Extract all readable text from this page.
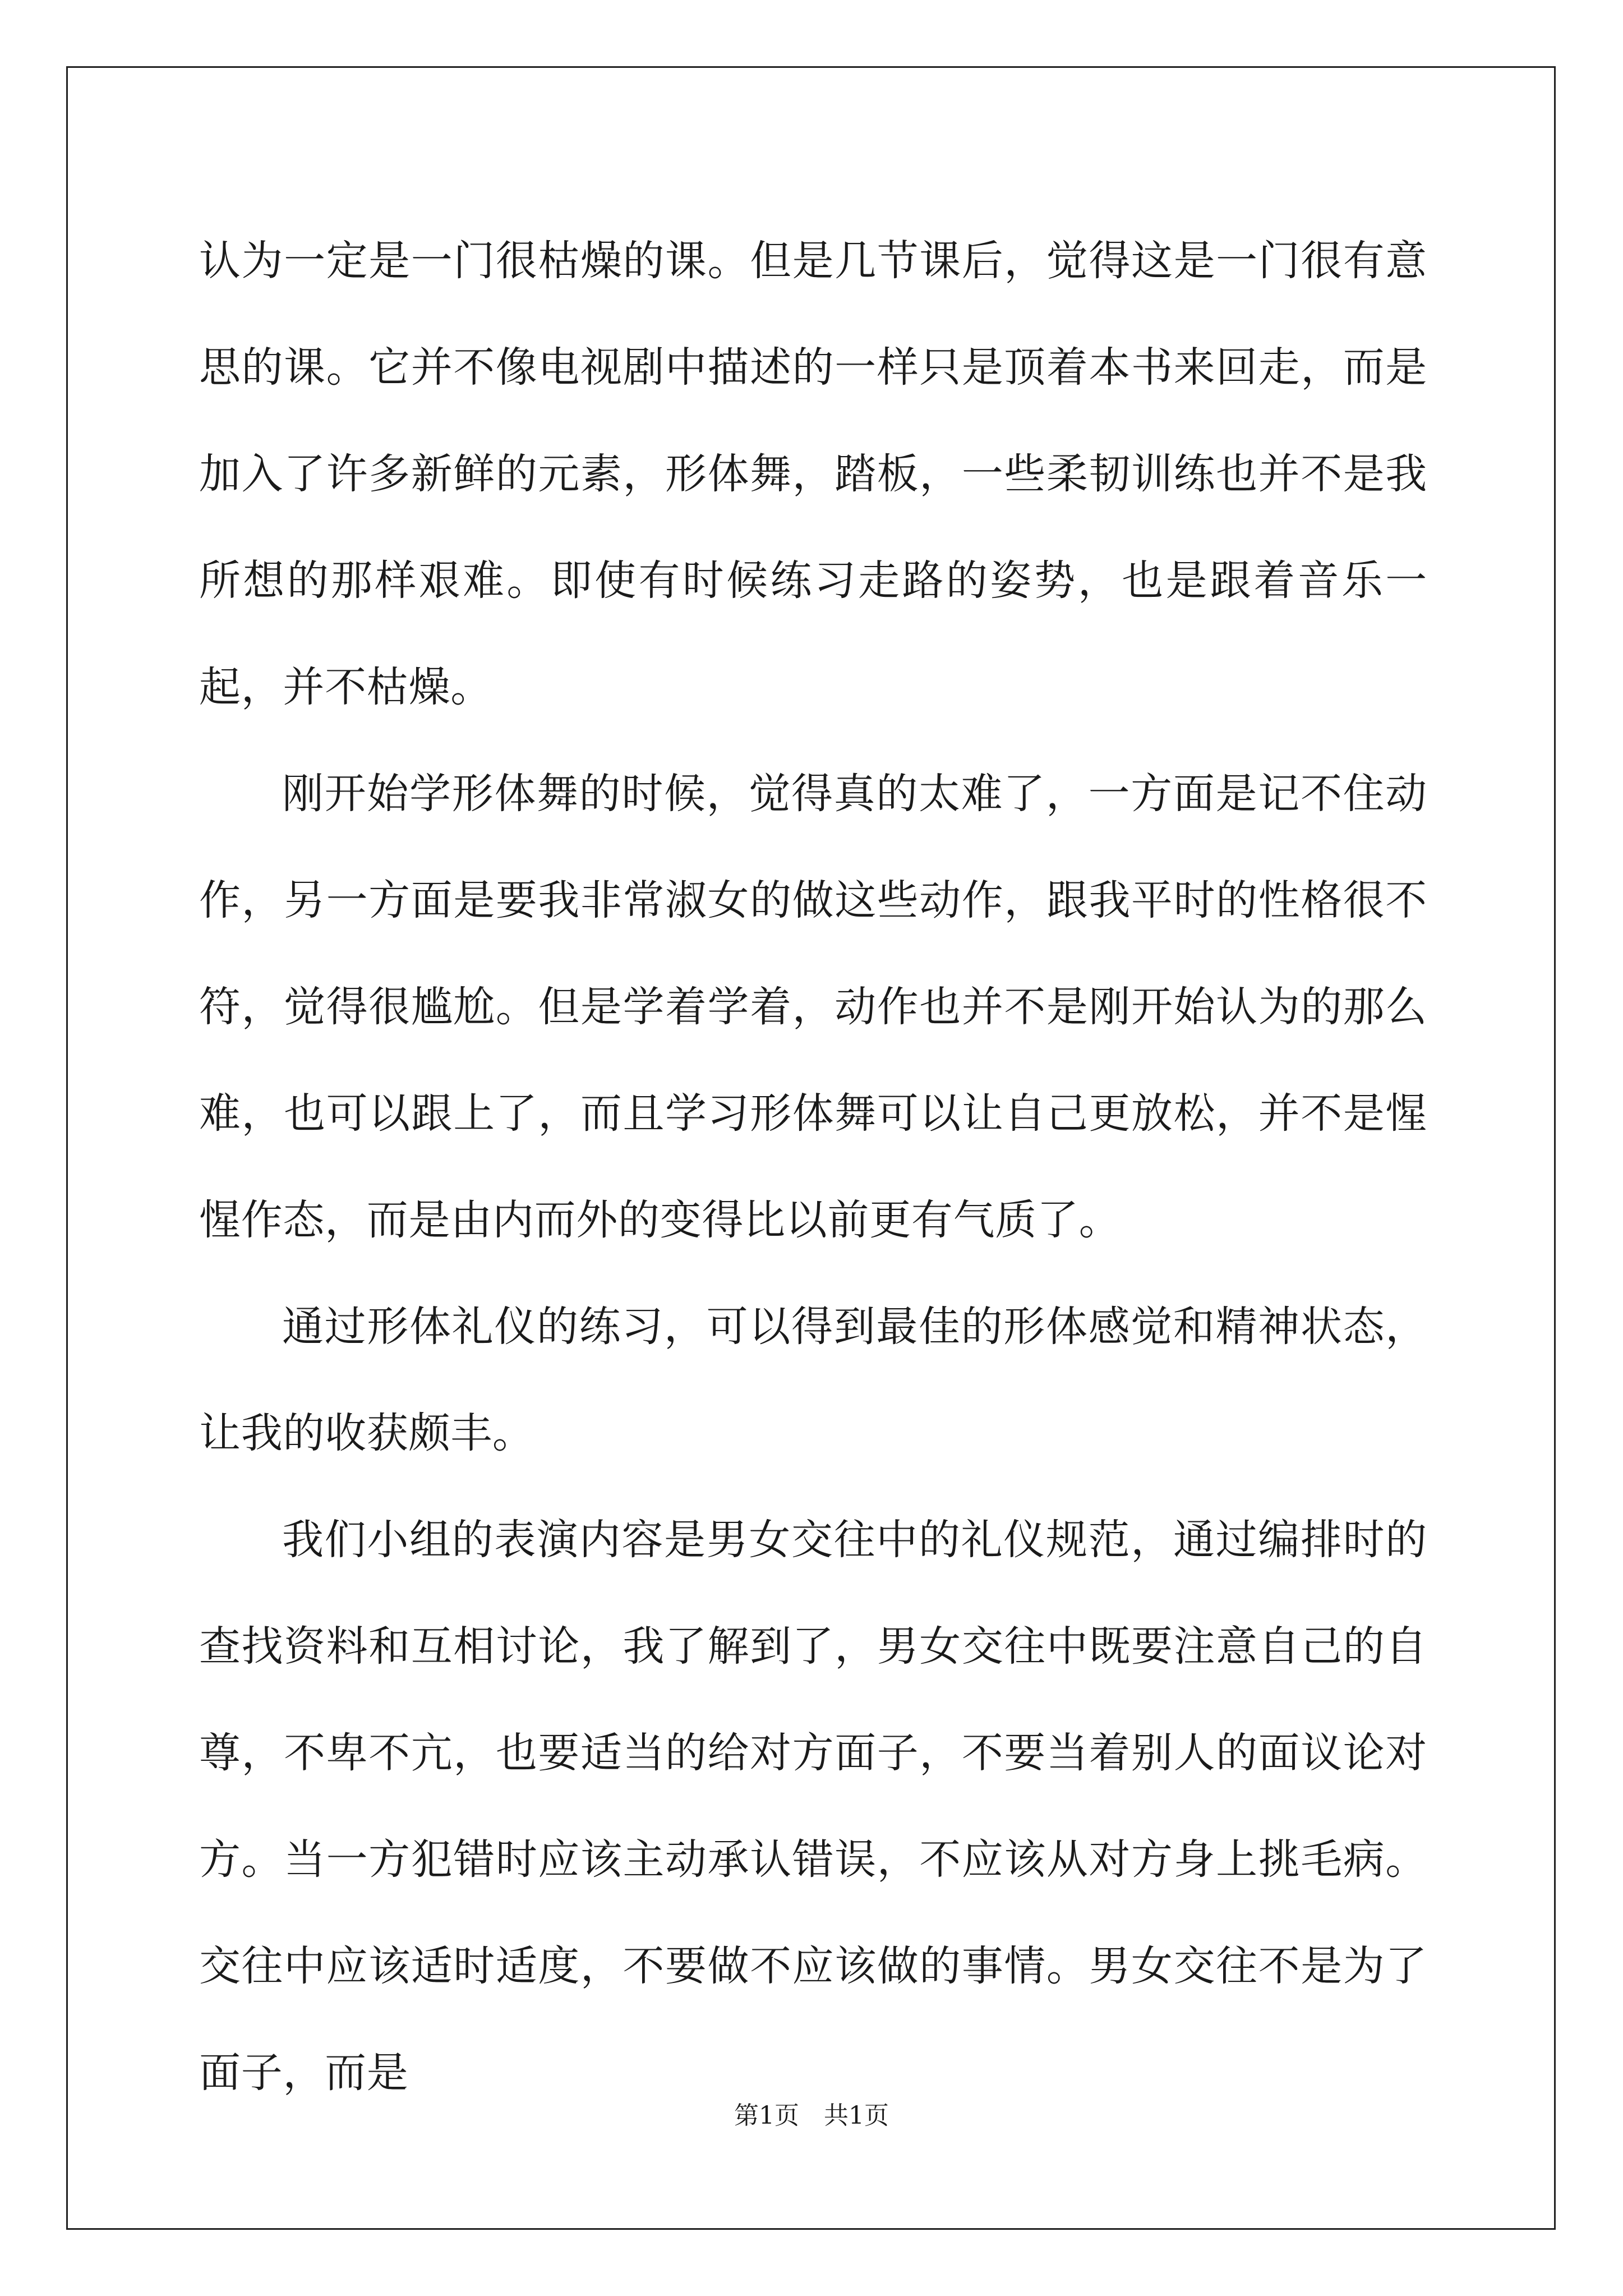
认为一定是一门很枯燥的课。但是几节课后，觉得这是一门很有意思的课。它并不像电视剧中描述的一样只是顶着本书来回走，而是加入了许多新鲜的元素，形体舞，踏板，一些柔韧训练也并不是我所想的那样艰难。即使有时候练习走路的姿势，也是跟着音乐一起，并不枯燥。

刚开始学形体舞的时候，觉得真的太难了，一方面是记不住动作，另一方面是要我非常淑女的做这些动作，跟我平时的性格很不符，觉得很尴尬。但是学着学着，动作也并不是刚开始认为的那么难，也可以跟上了，而且学习形体舞可以让自己更放松，并不是惺惺作态，而是由内而外的变得比以前更有气质了。

通过形体礼仪的练习，可以得到最佳的形体感觉和精神状态，让我的收获颇丰。

我们小组的表演内容是男女交往中的礼仪规范，通过编排时的查找资料和互相讨论，我了解到了，男女交往中既要注意自己的自尊，不卑不亢，也要适当的给对方面子，不要当着别人的面议论对方。当一方犯错时应该主动承认错误，不应该从对方身上挑毛病。交往中应该适时适度，不要做不应该做的事情。男女交往不是为了面子，而是

第1页　共1页
